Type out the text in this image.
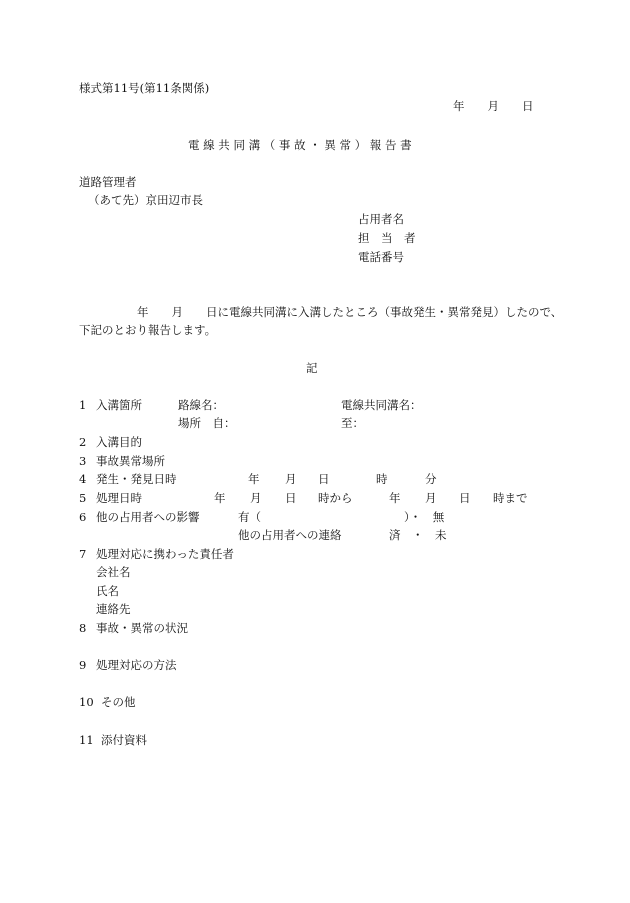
様式第11号(第11条関係)
年　　月　　日
電 線 共 同 溝 （ 事 故 ・ 異 常 ） 報 告 書
道路管理者
（あて先）京田辺市長
占用者名
担　当　者
電話番号
年　　月　　日に電線共同溝に入溝したところ（事故発生・異常発見）したので、
下記のとおり報告します。
記
1 入溝箇所	路線名：	電線共同溝名：
場所　自：	至：
2 入溝目的
3 事故異常場所
4 発生・発見日時	年 月 日	時	分
5 処理日時	年 月 日 時から	年 月 日 時まで
6 他の占用者への影響	有（	）・　無
他の占用者への連絡	済　・　未
7 処理対応に携わった責任者
会社名
氏名
連絡先
8 事故・異常の状況
9 処理対応の方法
10 その他
11 添付資料
